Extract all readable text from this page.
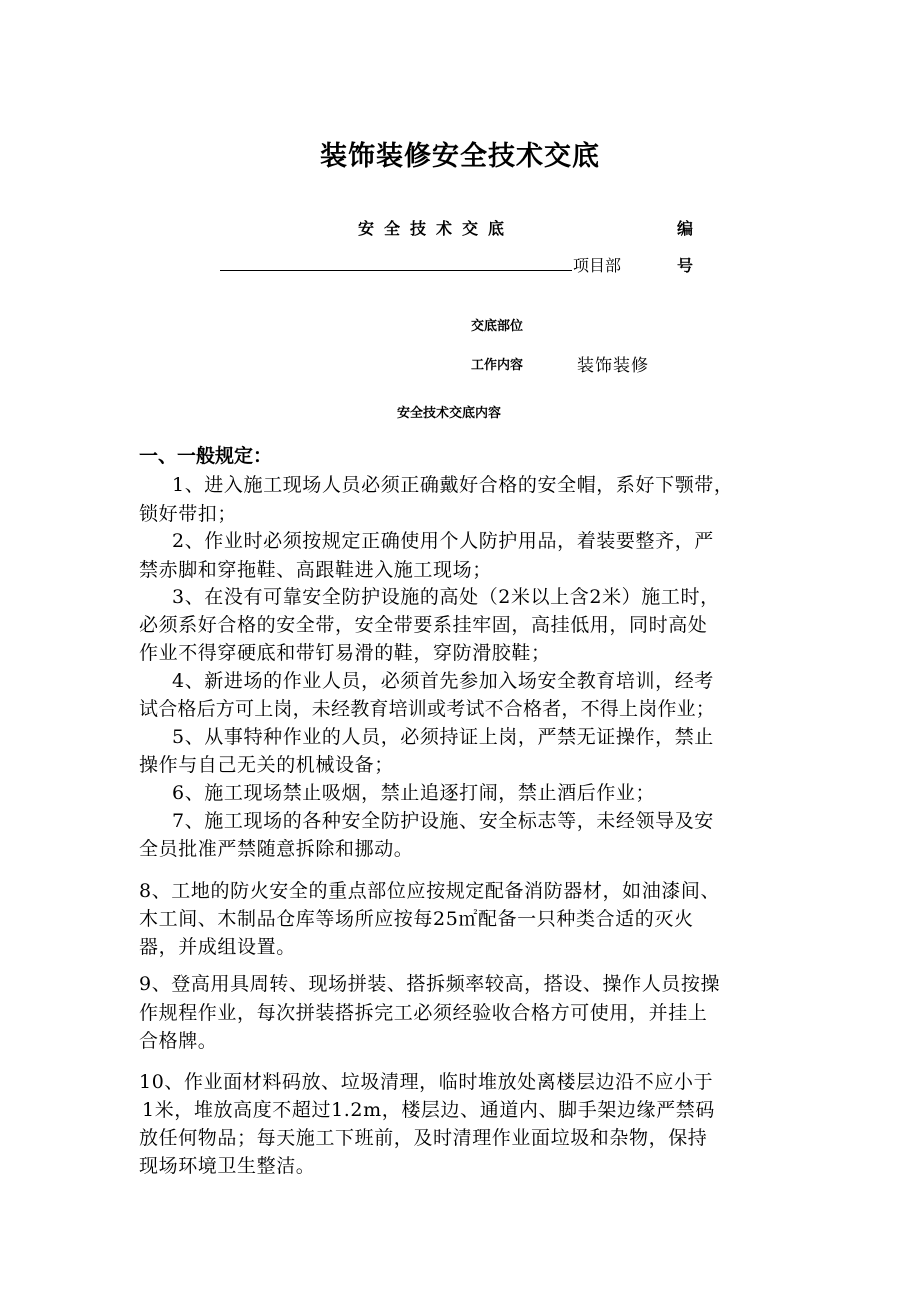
装饰装修安全技术交底
安全技术交底	编
项目部	号
交底部位
工作内容	装饰装修
安全技术交底内容
一、一般规定：
1、进入施工现场人员必须正确戴好合格的安全帽，系好下颚带，
锁好带扣；
2、作业时必须按规定正确使用个人防护用品，着装要整齐，严
禁赤脚和穿拖鞋、高跟鞋进入施工现场；
3、在没有可靠安全防护设施的高处（2米以上含2米）施工时，
必须系好合格的安全带，安全带要系挂牢固，高挂低用，同时高处
作业不得穿硬底和带钉易滑的鞋，穿防滑胶鞋；
4、新进场的作业人员，必须首先参加入场安全教育培训，经考
试合格后方可上岗，未经教育培训或考试不合格者，不得上岗作业；
5、从事特种作业的人员，必须持证上岗，严禁无证操作，禁止
操作与自己无关的机械设备；
6、施工现场禁止吸烟，禁止追逐打闹，禁止酒后作业；
7、施工现场的各种安全防护设施、安全标志等，未经领导及安
全员批准严禁随意拆除和挪动。
8、工地的防火安全的重点部位应按规定配备消防器材，如油漆间、
木工间、木制品仓库等场所应按每25㎡配备一只种类合适的灭火
器，并成组设置。
9、登高用具周转、现场拼装、搭拆频率较高，搭设、操作人员按操
作规程作业，每次拼装搭拆完工必须经验收合格方可使用，并挂上
合格牌。
10、作业面材料码放、垃圾清理，临时堆放处离楼层边沿不应小于
1米，堆放高度不超过1.2m，楼层边、通道内、脚手架边缘严禁码
放任何物品；每天施工下班前，及时清理作业面垃圾和杂物，保持
现场环境卫生整洁。
